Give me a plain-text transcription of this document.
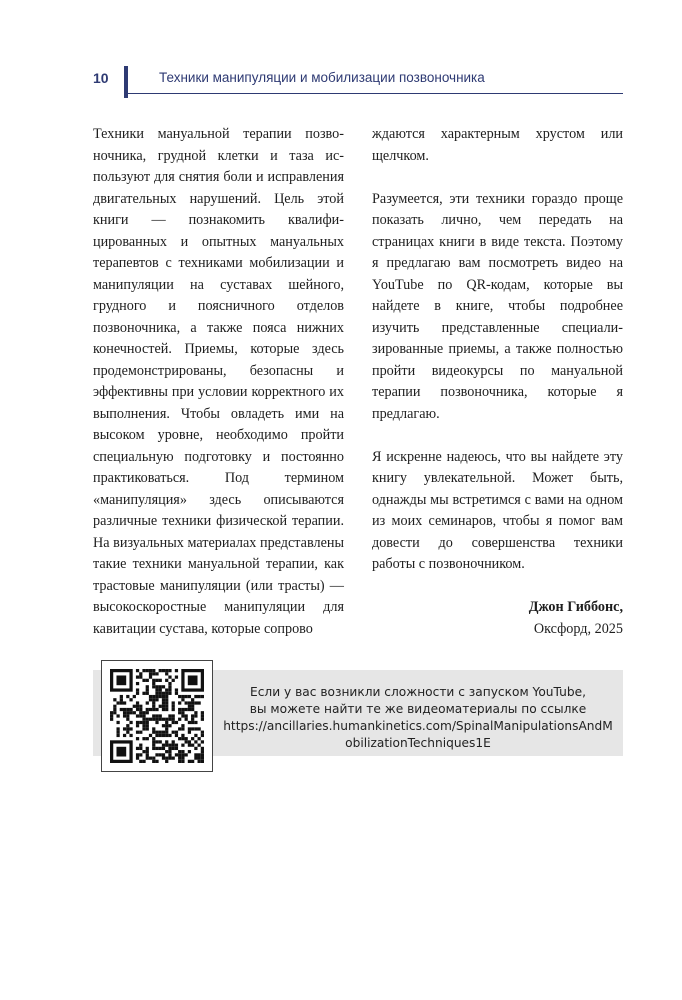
10	Техники манипуляции и мобилизации позвоночника

Техники мануальной терапии позвоночника, грудной клетки и таза используют для снятия боли и исправления двигательных нарушений. Цель этой книги — познакомить квалифицированных и опытных мануальных терапевтов с техниками мобилизации и манипуляции на суставах шейного, грудного и поясничного отделов позвоночника, а также пояса нижних конечностей. Приемы, которые здесь продемонстрированы, безопасны и эффективны при условии корректного их выполнения. Чтобы овладеть ими на высоком уровне, необходимо пройти специальную подготовку и постоянно практиковаться. Под термином «манипуляция» здесь описываются различные техники физической терапии. На визуальных материалах представлены такие техники мануальной терапии, как трастовые манипуляции (или трасты) — высокоскоростные манипуляции для кавитации сустава, которые сопрово

ждаются характерным хрустом или щелчком.

Разумеется, эти техники гораздо проще показать лично, чем передать на страницах книги в виде текста. Поэтому я предлагаю вам посмотреть видео на YouTube по QR-кодам, которые вы найдете в книге, чтобы подробнее изучить представленные специализированные приемы, а также полностью пройти видеокурсы по мануальной терапии позвоночника, которые я предлагаю.

Я искренне надеюсь, что вы найдете эту книгу увлекательной. Может быть, однажды мы встретимся с вами на одном из моих семинаров, чтобы я помог вам довести до совершенства техники работы с позвоночником.

Джон Гиббонс,
Оксфорд, 2025
Если у вас возникли сложности с запуском YouTube,
вы можете найти те же видеоматериалы по ссылке
https://ancillaries.humankinetics.com/SpinalManipulationsAndM
obilizationTechniques1E
